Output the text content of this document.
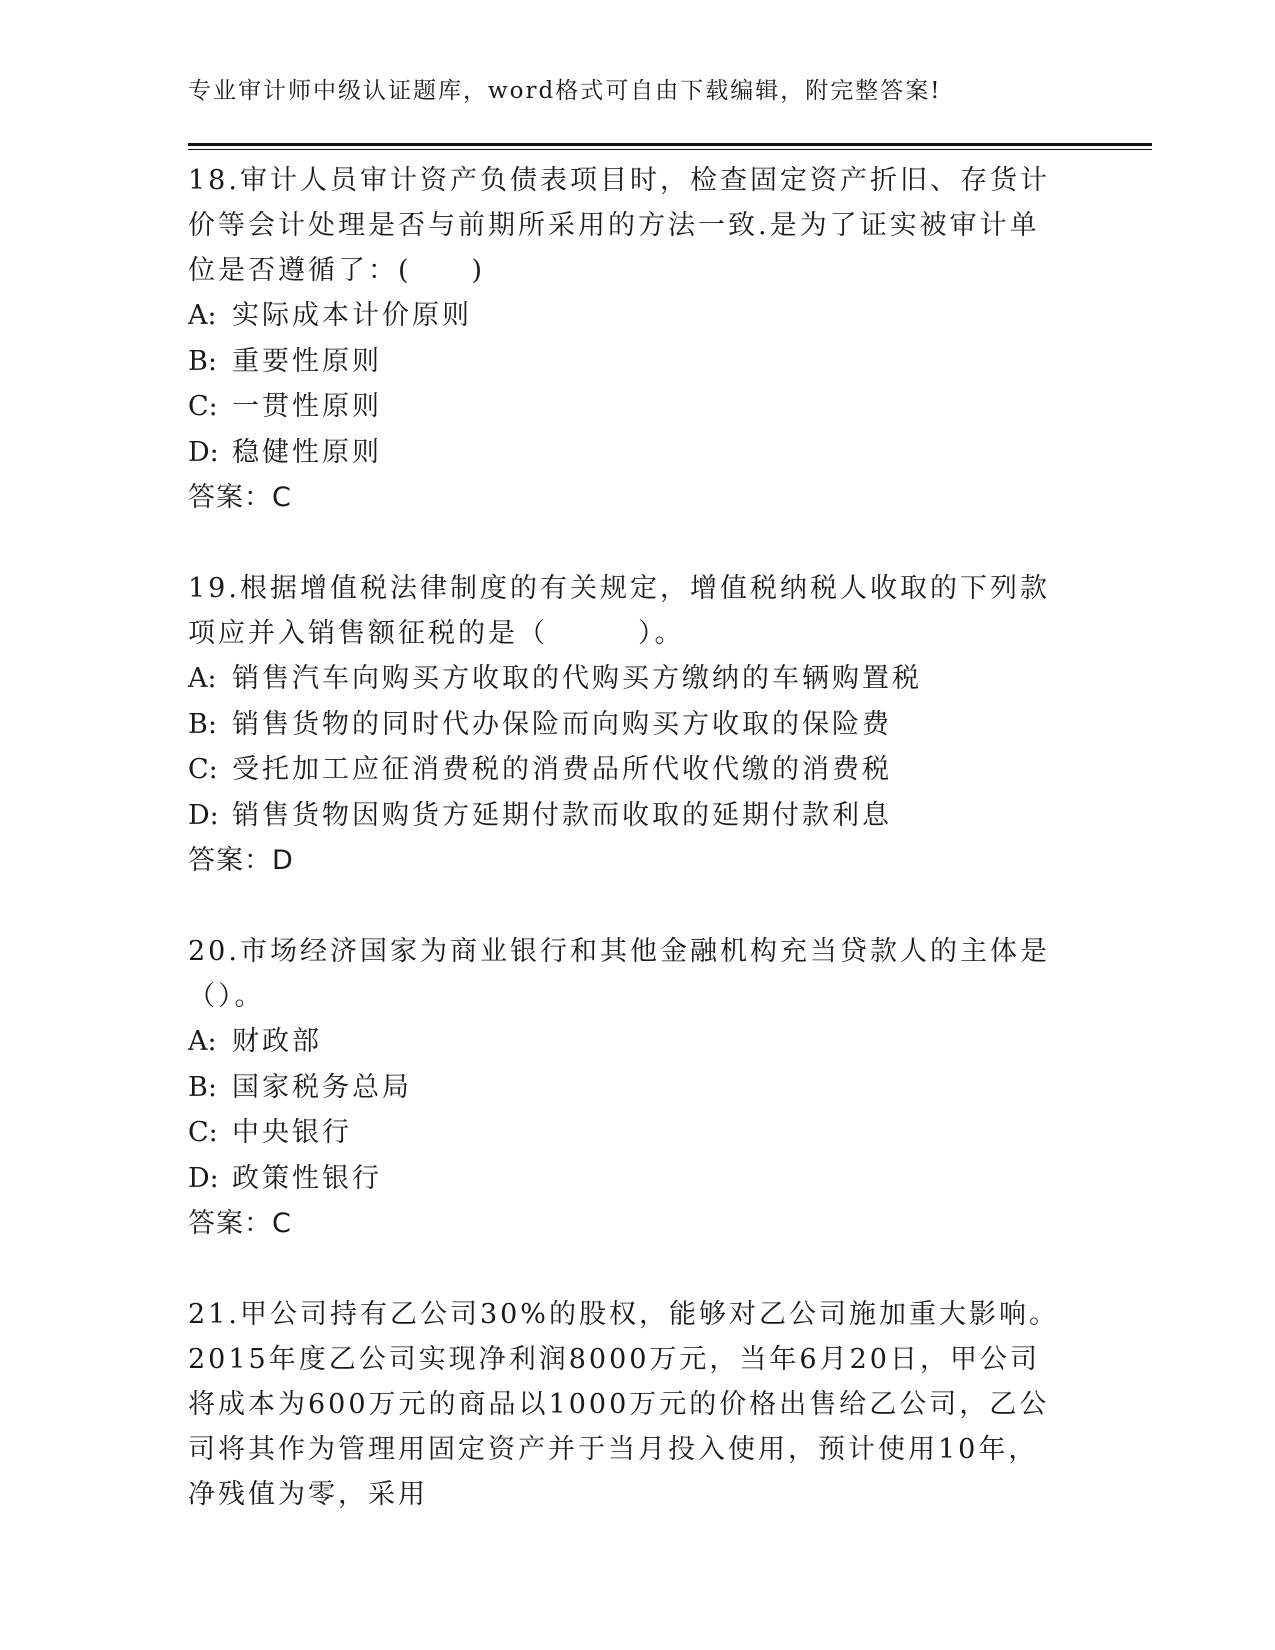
专业审计师中级认证题库，word格式可自由下载编辑，附完整答案!

18.审计人员审计资产负债表项目时，检查固定资产折旧、存货计价等会计处理是否与前期所采用的方法一致.是为了证实被审计单位是否遵循了：(　　)

A: 实际成本计价原则
B: 重要性原则
C: 一贯性原则
D: 稳健性原则

答案：C

19.根据增值税法律制度的有关规定，增值税纳税人收取的下列款项应并入销售额征税的是（　　　）。

A: 销售汽车向购买方收取的代购买方缴纳的车辆购置税
B: 销售货物的同时代办保险而向购买方收取的保险费
C: 受托加工应征消费税的消费品所代收代缴的消费税
D: 销售货物因购货方延期付款而收取的延期付款利息

答案：D

20.市场经济国家为商业银行和其他金融机构充当贷款人的主体是（）。

A: 财政部
B: 国家税务总局
C: 中央银行
D: 政策性银行

答案：C

21.甲公司持有乙公司30%的股权，能够对乙公司施加重大影响。2015年度乙公司实现净利润8000万元，当年6月20日，甲公司将成本为600万元的商品以1000万元的价格出售给乙公司，乙公司将其作为管理用固定资产并于当月投入使用，预计使用10年，净残值为零，采用
